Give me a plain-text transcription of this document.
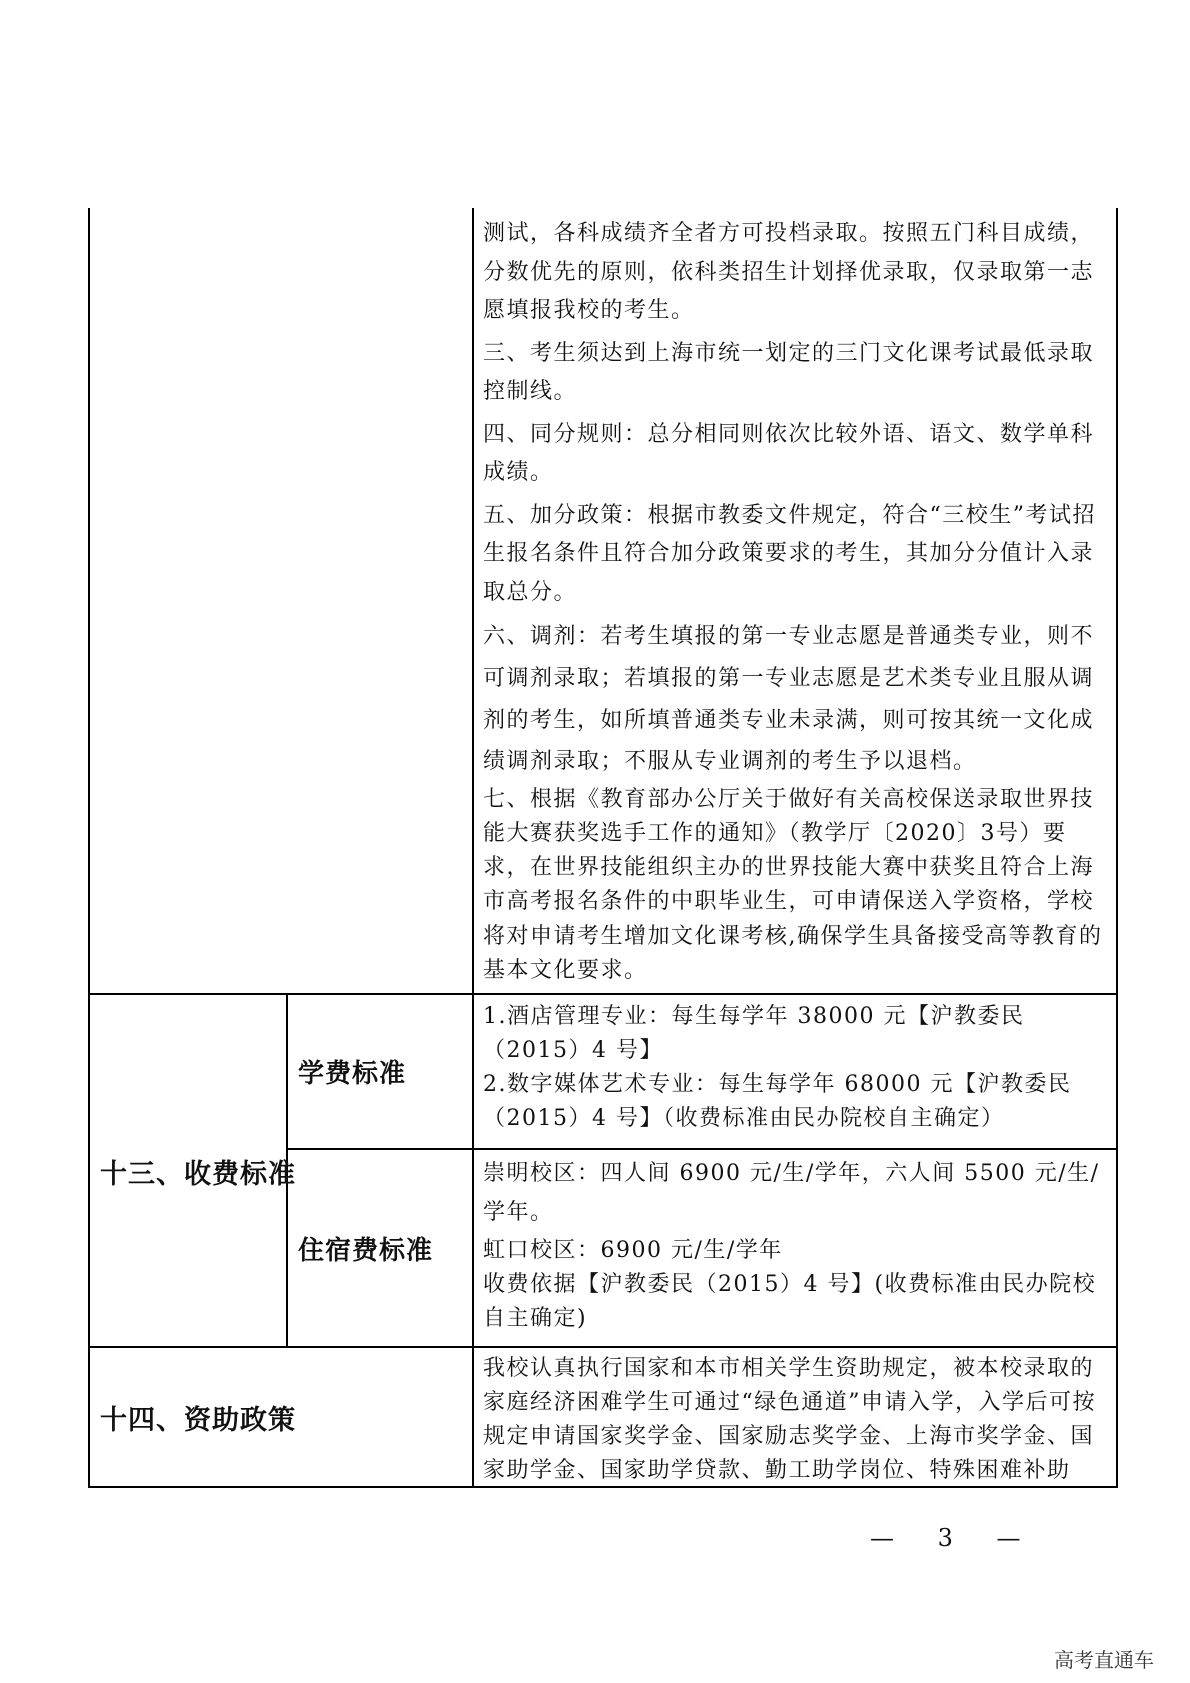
测试，各科成绩齐全者方可投档录取。按照五门科目成绩，分数优先的原则，依科类招生计划择优录取，仅录取第一志愿填报我校的考生。

三、考生须达到上海市统一划定的三门文化课考试最低录取控制线。

四、同分规则：总分相同则依次比较外语、语文、数学单科成绩。

五、加分政策：根据市教委文件规定，符合“三校生”考试招生报名条件且符合加分政策要求的考生，其加分分值计入录取总分。

六、调剂：若考生填报的第一专业志愿是普通类专业，则不可调剂录取；若填报的第一专业志愿是艺术类专业且服从调剂的考生，如所填普通类专业未录满，则可按其统一文化成绩调剂录取；不服从专业调剂的考生予以退档。

七、根据《教育部办公厅关于做好有关高校保送录取世界技能大赛获奖选手工作的通知》（教学厅〔2020〕3号）要求，在世界技能组织主办的世界技能大赛中获奖且符合上海市高考报名条件的中职毕业生，可申请保送入学资格，学校将对申请考生增加文化课考核,确保学生具备接受高等教育的基本文化要求。

十三、收费标准
学费标准

1.酒店管理专业：每生每学年 38000 元【沪教委民（2015）4 号】

2.数字媒体艺术专业：每生每学年 68000 元【沪教委民（2015）4 号】（收费标准由民办院校自主确定）

住宿费标准

崇明校区：四人间 6900 元/生/学年，六人间 5500 元/生/学年。

虹口校区：6900 元/生/学年

收费依据【沪教委民（2015）4 号】(收费标准由民办院校自主确定)

十四、资助政策

我校认真执行国家和本市相关学生资助规定，被本校录取的家庭经济困难学生可通过“绿色通道”申请入学，入学后可按规定申请国家奖学金、国家励志奖学金、上海市奖学金、国家助学金、国家助学贷款、勤工助学岗位、特殊困难补助

— 3 —
高考直通车
